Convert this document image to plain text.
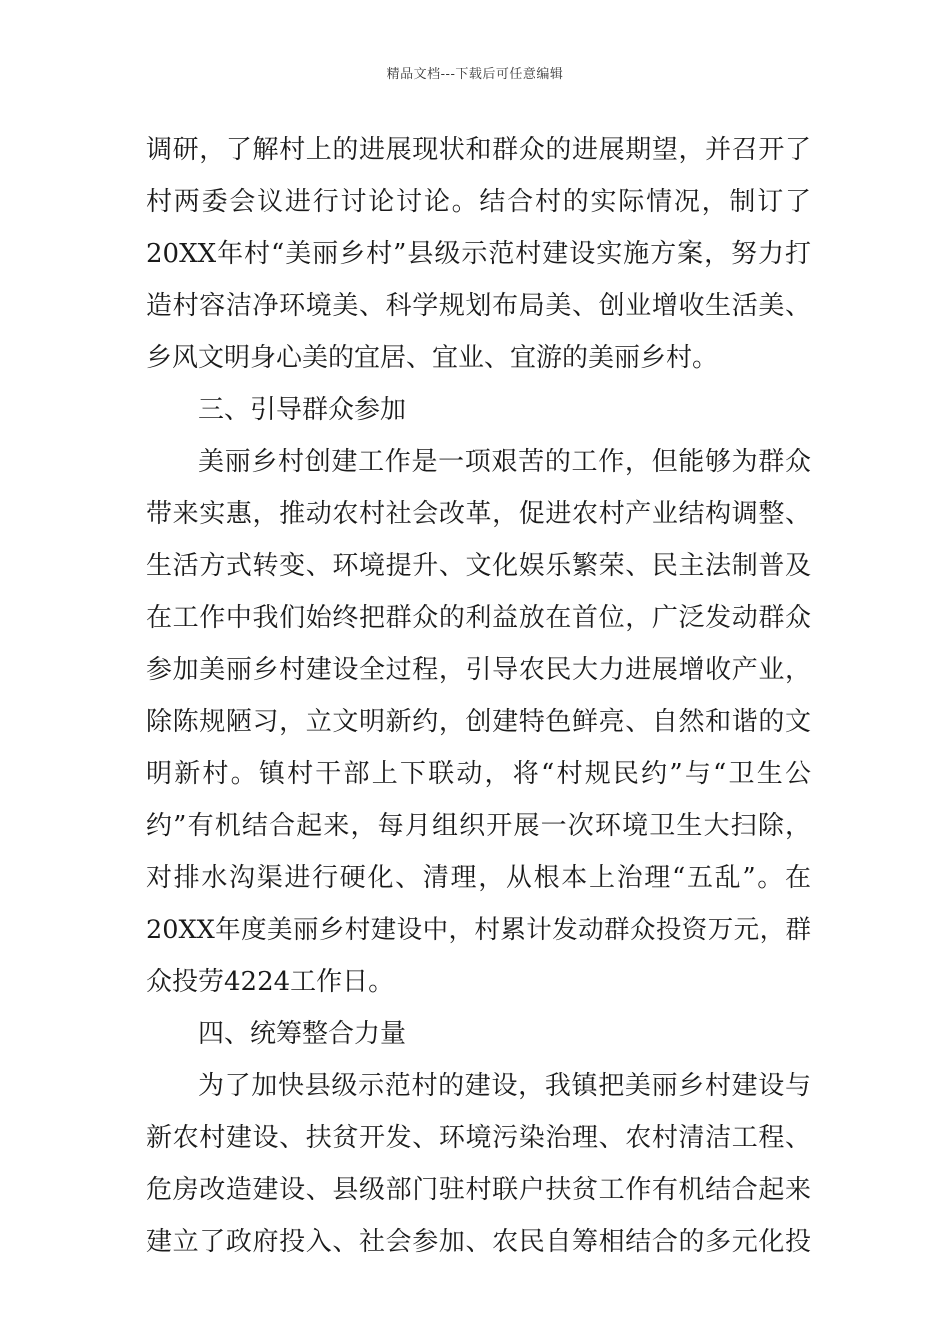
精品文档---下载后可任意编辑
调研，了解村上的进展现状和群众的进展期望，并召开了
村两委会议进行讨论讨论。结合村的实际情况，制订了
20XX年村“美丽乡村”县级示范村建设实施方案，努力打
造村容洁净环境美、科学规划布局美、创业增收生活美、
乡风文明身心美的宜居、宜业、宜游的美丽乡村。
三、引导群众参加
美丽乡村创建工作是一项艰苦的工作，但能够为群众
带来实惠，推动农村社会改革，促进农村产业结构调整、
生活方式转变、环境提升、文化娱乐繁荣、民主法制普及
在工作中我们始终把群众的利益放在首位，广泛发动群众
参加美丽乡村建设全过程，引导农民大力进展增收产业，
除陈规陋习，立文明新约，创建特色鲜亮、自然和谐的文
明新村。镇村干部上下联动，将“村规民约”与“卫生公
约”有机结合起来，每月组织开展一次环境卫生大扫除，
对排水沟渠进行硬化、清理，从根本上治理“五乱”。在
20XX年度美丽乡村建设中，村累计发动群众投资万元，群
众投劳4224工作日。
四、统筹整合力量
为了加快县级示范村的建设，我镇把美丽乡村建设与
新农村建设、扶贫开发、环境污染治理、农村清洁工程、
危房改造建设、县级部门驻村联户扶贫工作有机结合起来
建立了政府投入、社会参加、农民自筹相结合的多元化投
